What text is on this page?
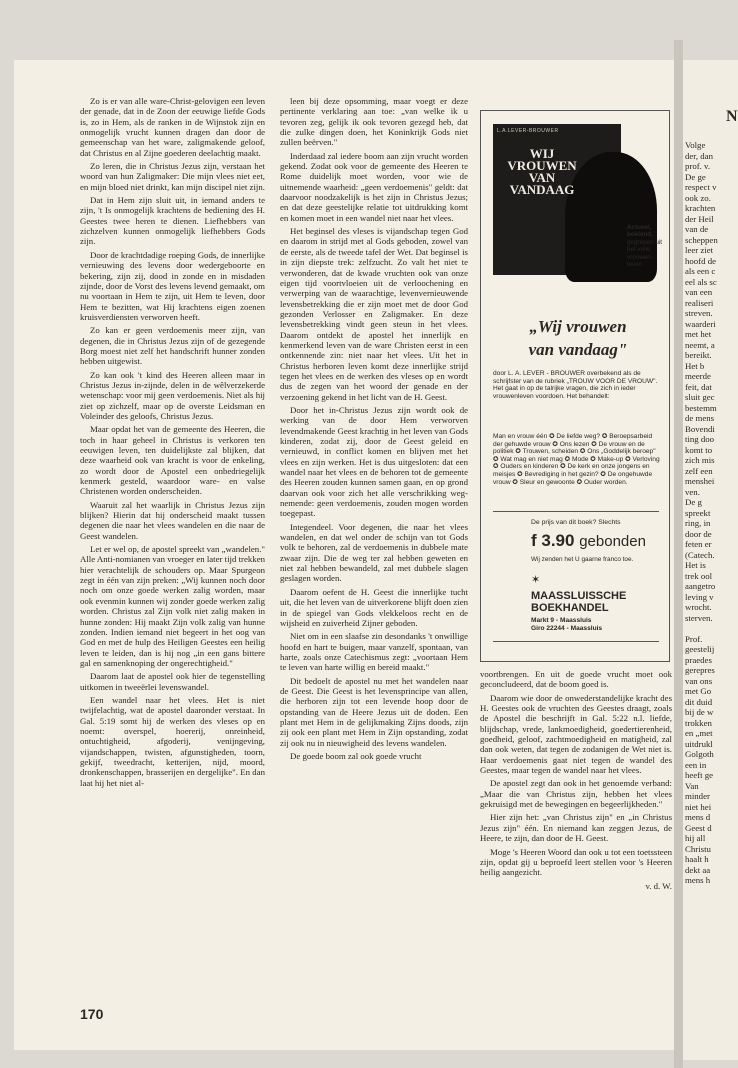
Zo is er van alle ware-Christ-gelovigen een leven der genade, dat in de Zoon der eeuwige liefde Gods is, zo in Hem, als de ranken in de Wijnstok zijn en onmogelijk vrucht kunnen dragen dan door de gemeenschap van het ware, zaligmakende geloof, dat Christus en al Zijne goederen deelachtig maakt.

Zo leren, die in Christus Jezus zijn, verstaan het woord van hun Zaligmaker: Die mijn vlees niet eet, en mijn bloed niet drinkt, kan mijn discipel niet zijn.

Dat in Hem zijn sluit uit, in iemand anders te zijn, 't Is onmogelijk krachtens de bediening des H. Geestes twee heren te dienen. Liefhebbers van zichzelven kunnen onmogelijk liefhebbers Gods zijn.

Door de krachtdadige roeping Gods, de innerlijke vernieuwing des levens door wedergeboorte en bekering, zijn zij, dood in zonde en in misdaden zijnde, door de Vorst des levens levend gemaakt, om nu voortaan in Hem te zijn, uit Hem te leven, door Hem te bezitten, wat Hij krachtens eigen zoenen kruisverdiensten verworven heeft.

Zo kan er geen verdoemenis meer zijn, van degenen, die in Christus Jezus zijn of de gezegende Borg moest niet zelf het handschrift hunner zonden hebben uitgewist.

Zo kan ook 't kind des Heeren alleen maar in Christus Jezus in-zijnde, delen in de wêlverzekerde wetenschap: voor mij geen verdoemenis. Niet als hij ziet op zichzelf, maar op de overste Leidsman en Voleinder des geloofs, Christus Jezus.

Maar opdat het van de gemeente des Heeren, die toch in haar geheel in Christus is verkoren ten eeuwigen leven, ten duidelijkste zal blijken, dat deze waarheid ook van kracht is voor de enkeling, zo wordt door de Apostel een onbedriegelijk kenmerk gesteld, waardoor ware- en valse Christenen worden onderscheiden.

Waaruit zal het waarlijk in Christus Jezus zijn blijken? Hierin dat hij onderscheid maakt tussen degenen die naar het vlees wandelen en die naar de Geest wandelen.

Let er wel op, de apostel spreekt van „wandelen." Alle Anti-nomianen van vroeger en later tijd trekken hier verachtelijk de schouders op. Maar Spurgeon zegt in één van zijn preken: „Wij kunnen noch door noch om onze goede werken zalig worden, maar ook evenmin kunnen wij zonder goede werken zalig worden. Christus zal Zijn volk niet zalig maken in hunne zonden: Hij maakt Zijn volk zalig van hunne zonden. Indien iemand niet begeert in het oog van God en met de hulp des Heiligen Geestes een heilig leven te leiden, dan is hij nog „in een gans bittere gal en samenknoping der ongerechtigheid."

Daarom laat de apostel ook hier de tegenstelling uitkomen in tweeërlei levenswandel.

Een wandel naar het vlees. Het is niet twijfelachtig, wat de apostel daaronder verstaat. In Gal. 5:19 somt hij de werken des vleses op en noemt: overspel, hoererij, onreinheid, ontuchtigheid, afgoderij, venijngeving, vijandschappen, twisten, afgunstigheden, toorn, gekijf, tweedracht, ketterijen, nijd, moord, dronkenschappen, brasserijen en dergelijke". En dan laat hij het niet al-

leen bij deze opsomming, maar voegt er deze pertinente verklaring aan toe: „van welke ik u tevoren zeg, gelijk ik ook tevoren gezegd heb, dat die zulke dingen doen, het Koninkrijk Gods niet zullen beërven."

Inderdaad zal iedere boom aan zijn vrucht worden gekend. Zodat ook voor de gemeente des Heeren te Rome duidelijk moet worden, voor wie de uitnemende waarheid: „geen verdoemenis" geldt: dat daarvoor noodzakelijk is het zijn in Christus Jezus; en dat deze geestelijke relatie tot uitdrukking komt en komen moet in een wandel niet naar het vlees.

Het beginsel des vleses is vijandschap tegen God en daarom in strijd met al Gods geboden, zowel van de eerste, als de tweede tafel der Wet. Dat beginsel is in zijn diepste trek: zelfzucht. Zo valt het niet te verwonderen, dat de kwade vruchten ook van onze eigen tijd voortvloeien uit de verloochening en verwerping van de waarachtige, levenvernieuwende levensbetrekking die er zijn moet met de door God gezonden Verlosser en Zaligmaker. En deze levensbetrekking vindt geen steun in het vlees. Daarom ontdekt de apostel het innerlijk en kenmerkend leven van de ware Christen eerst in een ontkennende zin: niet naar het vlees. Uit het in Christus herboren leven komt deze innerlijke strijd tegen het vlees en de werken des vleses op en wordt dus de zegen van het woord der genade en der verzoening gekend in het licht van de H. Geest.

Door het in-Christus Jezus zijn wordt ook de werking van de door Hem verworven levendmakende Geest krachtig in het leven van Gods kinderen, zodat zij, door de Geest geleid en vernieuwd, in conflict komen en blijven met het vlees en zijn werken. Het is dus uitgesloten: dat een wandel naar het vlees en de behoren tot de gemeente des Heeren zouden kunnen samen gaan, en op grond daarvan ook voor zich het alle verschrikking weg-nemende: geen verdoemenis, zouden mogen worden toegepast.

Integendeel. Voor degenen, die naar het vlees wandelen, en dat wel onder de schijn van tot Gods volk te behoren, zal de verdoemenis in dubbele mate zwaar zijn. Die de weg ter zal hebben geweten en niet zal hebben bewandeld, zal met dubbele slagen geslagen worden.

Daarom oefent de H. Geest die innerlijke tucht uit, die het leven van de uitverkorene blijft doen zien in de spiegel van Gods vlekkeloos recht en de wijsheid en zuiverheid Zijner geboden.

Niet om in een slaafse zin desondanks 't onwillige hoofd en hart te buigen, maar vanzelf, spontaan, van harte, zoals onze Catechismus zegt: „voortaan Hem te leven van harte willig en bereid maakt."

Dit bedoelt de apostel nu met het wandelen naar de Geest. Die Geest is het levensprincipe van allen, die herboren zijn tot een levende hoop door de opstanding van de Heere Jezus uit de doden. Een plant met Hem in de gelijkmaking Zijns doods, zijn zij ook een plant met Hem in Zijn opstanding, zodat zij ook nu in nieuwigheid des levens wandelen.

De goede boom zal ook goede vrucht

L.A.LEVER-BROUWER
WIJ
VROUWEN
VAN
VANDAAG
Actueel,
boeiend,
gegrepen uit het volle vrouwen-leven
„Wij vrouwen
van vandaag"
door L. A. LEVER - BROUWER overbekend als de schrijfster van de rubriek „TROUW VOOR DE VROUW". Het gaat in op de talrijke vragen, die zich in ieder vrouwenleven voordoen. Het behandelt:
Man en vrouw één ✪ De liefde weg? ✪ Beroepsarbeid der gehuwde vrouw ✪ Ons lezen ✪ De vrouw en de politiek ✪ Trouwen, scheiden ✪ Ons „Goddelijk beroep" ✪ Wat mag en niet mag ✪ Mode ✪ Make-up ✪ Verloving ✪ Ouders en kinderen ✪ De kerk en onze jongens en meisjes ✪ Bevrediging in het gezin? ✪ De ongehuwde vrouw ✪ Sleur en gewoonte ✪ Ouder worden.
De prijs van dit boek? Slechts
f 3.90 gebonden
Wij zenden het U gaarne franco toe.
✶
MAASSLUISSCHE
BOEKHANDEL
Markt 9 - Maassluis
Giro 22244 - Maassluis

voortbrengen. En uit de goede vrucht moet ook geconcludeerd, dat de boom goed is.

Daarom wie door de onwederstandelijke kracht des H. Geestes ook de vruchten des Geestes draagt, zoals de Apostel die beschrijft in Gal. 5:22 n.l. liefde, blijdschap, vrede, lankmoedigheid, goedertierenheid, goedheid, geloof, zachtmoedigheid en matigheid, zal dan ook weten, dat tegen de zodanigen de Wet niet is. Haar verdoemenis gaat niet tegen de wandel des Geestes, maar tegen de wandel naar het vlees.

De apostel zegt dan ook in het genoemde verband: „Maar die van Christus zijn, hebben het vlees gekruisigd met de bewegingen en begeerlijkheden."

Hier zijn het: „van Christus zijn" en „in Christus Jezus zijn" één. En niemand kan zeggen Jezus, de Heere, te zijn, dan door de H. Geest.

Moge 's Heeren Woord dan ook u tot een toetssteen zijn, opdat gij u beproefd leert stellen voor 's Heeren heilig aangezicht.

v. d. W.

170
N
Volge
der, dan
prof. v.
De ge
respect v
ook zo.
krachten
der Heil
van de
scheppen
leer ziet
hoofd de
als een c
eel als sc
van een
realiseri
streven.
waarderi
met het
neemt, a
bereikt.
Het b
meerde
feit, dat
sluit gec
bestemm
de mens
Bovendi
ting doo
komt to
zich mis
zelf een
menshei
ven.
De g
spreekt
ring, in
door de
feten er
(Catech.
Het is
trek ool
aangetro
leving v
wrocht.
sterven.
Prof.
geestelij
praedes
gerepres
van ons
met Go
dit duid
bij de w
trokken
en „met
uitdrukl
Golgoth
een in
heeft ge
Van
minder
niet hei
mens d
Geest d
hij all
Christu
haalt h
dekt aa
mens h
